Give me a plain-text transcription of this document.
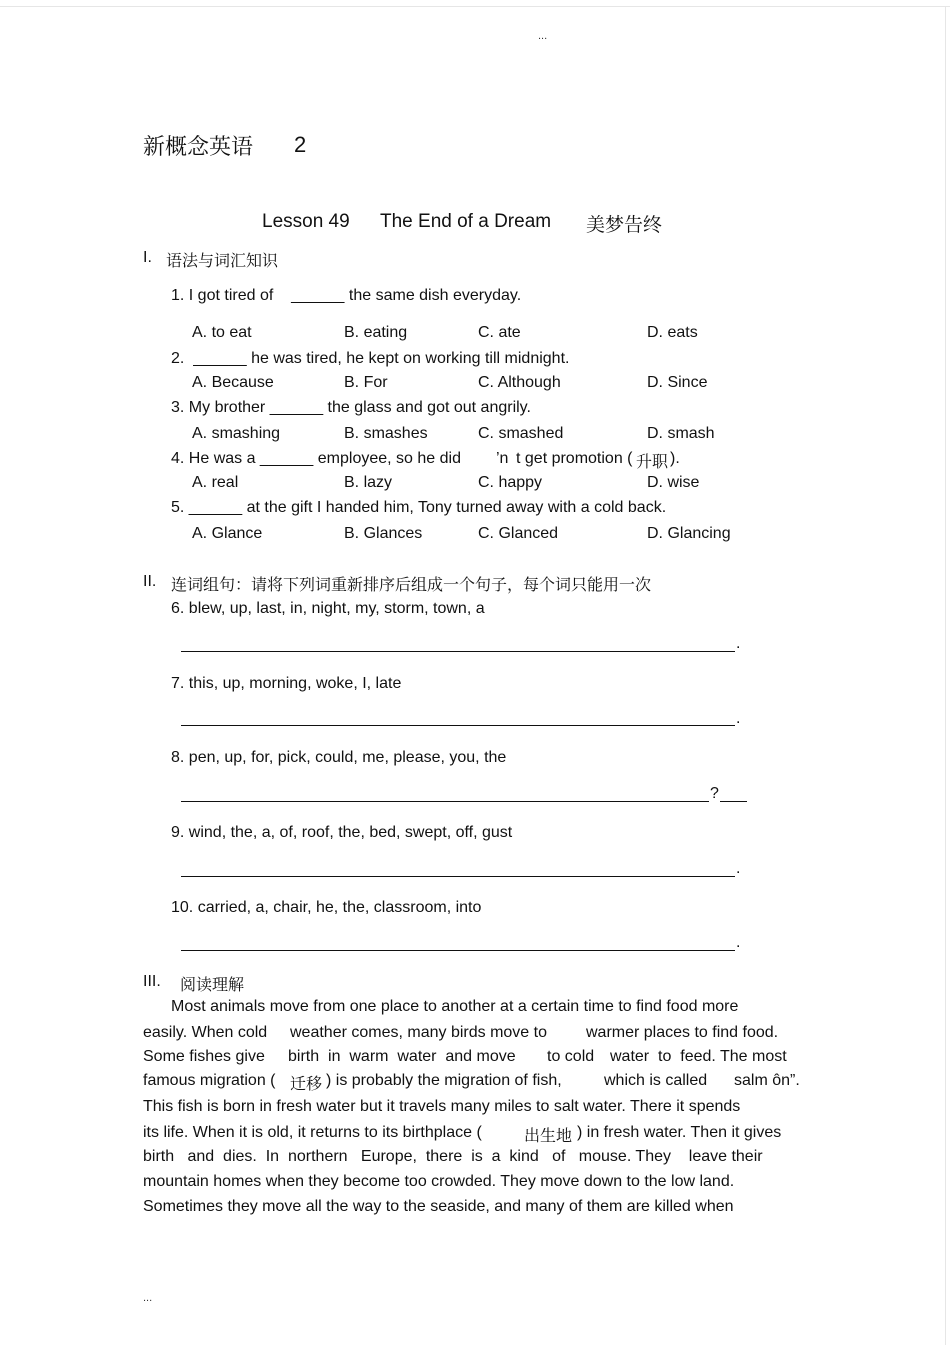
...
新概念英语 2
Lesson 49 The End of a Dream 美梦告终
I. 语法与词汇知识
1. I got tired of    ______ the same dish everyday.
A. to eat	B. eating	C. ate	D. eats
2.  ______ he was tired, he kept on working till midnight.
A. Because	B. For	C. Although	D. Since
3. My brother ______ the glass and got out angrily.
A. smashing	B. smashes	C. smashed	D. smash
4. He was a ______ employee, so he did ’n t get promotion ( 升职 ).
A. real	B. lazy	C. happy	D. wise
5. ______ at the gift I handed him, Tony turned away with a cold back.
A. Glance	B. Glances	C. Glanced	D. Glancing
II. 连词组句：请将下列词重新排序后组成一个句子，每个词只能用一次
6. blew, up, last, in, night, my, storm, town, a
.
7. this, up, morning, woke, I, late
.
8. pen, up, for, pick, could, me, please, you, the
?
9. wind, the, a, of, roof, the, bed, swept, off, gust
.
10. carried, a, chair, he, the, classroom, into
.
III. 阅读理解
Most animals move from one place to another at a certain time to find food more
easily. When cold weather comes, many birds move to warmer places to find food.
Some fishes give birth  in  warm  water  and move to cold water  to  feed. The most
famous migration ( 迁移 ) is probably the migration of fish,	which is called salm ôn”.
This fish is born in fresh water but it travels many miles to salt water. There it spends
its life. When it is old, it returns to its birthplace (	出生地 ) in fresh water. Then it gives
birth   and  dies.  In  northern   Europe,  there  is  a  kind   of   mouse. They    leave their
mountain homes when they become too crowded. They move down to the low land.
Sometimes they move all the way to the seaside, and many of them are killed when
...
